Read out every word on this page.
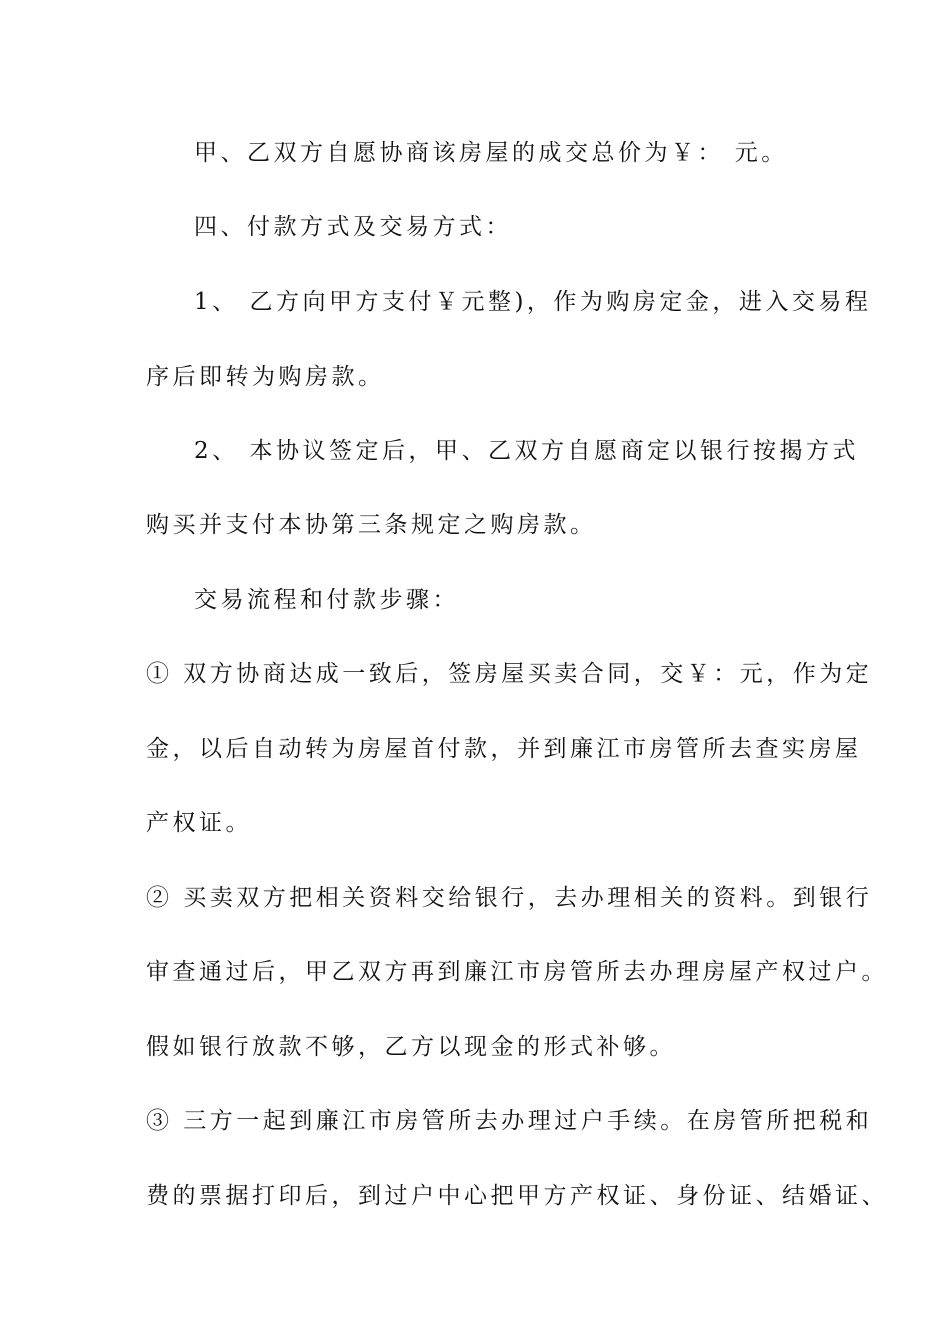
甲、乙双方自愿协商该房屋的成交总价为￥： 元。
四、付款方式及交易方式：
1、 乙方向甲方支付￥元整)，作为购房定金，进入交易程
序后即转为购房款。
2、 本协议签定后，甲、乙双方自愿商定以银行按揭方式
购买并支付本协第三条规定之购房款。
交易流程和付款步骤：
① 双方协商达成一致后，签房屋买卖合同，交￥：元，作为定
金，以后自动转为房屋首付款，并到廉江市房管所去查实房屋
产权证。
② 买卖双方把相关资料交给银行，去办理相关的资料。到银行
审查通过后，甲乙双方再到廉江市房管所去办理房屋产权过户。
假如银行放款不够，乙方以现金的形式补够。
③ 三方一起到廉江市房管所去办理过户手续。在房管所把税和
费的票据打印后，到过户中心把甲方产权证、身份证、结婚证、
